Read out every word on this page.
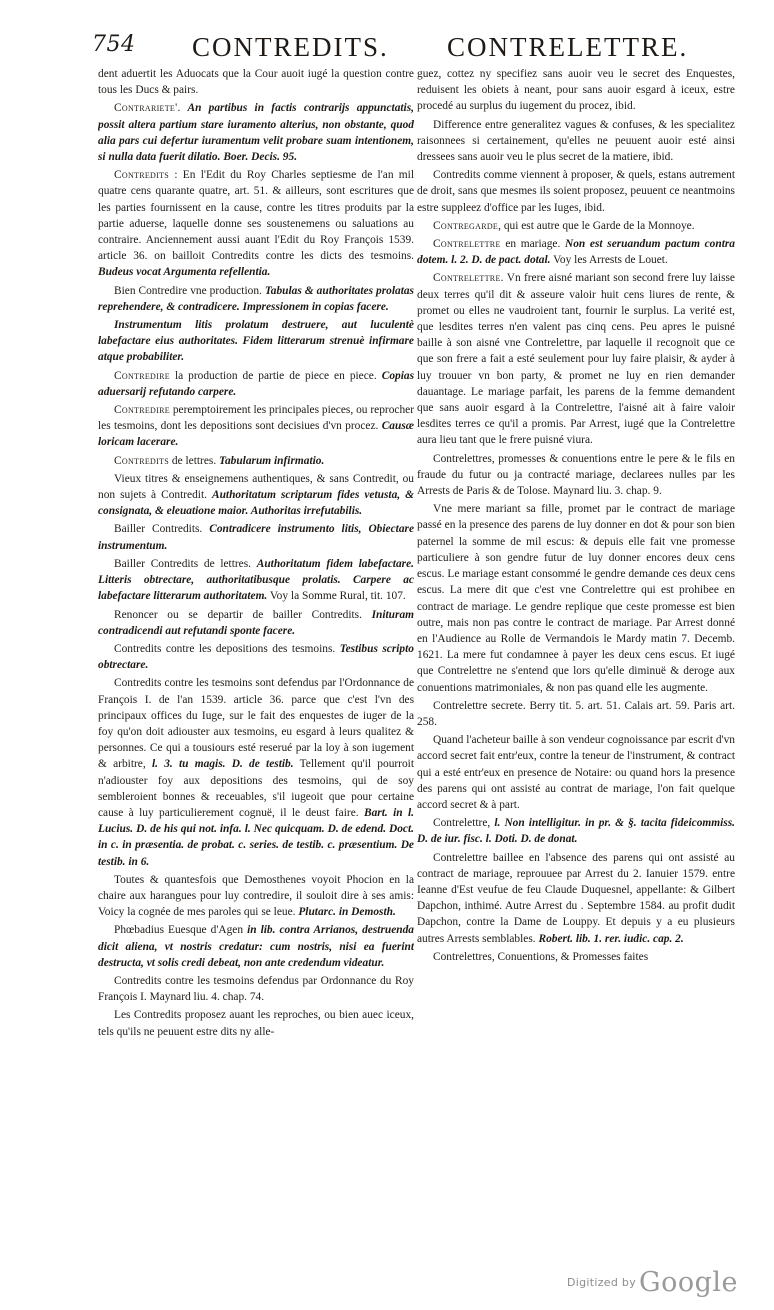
754 CONTREDITS. CONTRELETTRE.

dent aduertit les Aduocats que la Cour auoit iugé la question contre tous les Ducs & pairs.

Contrariete'. An partibus in factis contrarijs appunctatis, possit altera partium stare iuramento alterius, non obstante, quod alia pars cui defertur iuramentum velit probare suam intentionem, si nulla data fuerit dilatio. Boer. Decis. 95.

Contredits : En l'Edit du Roy Charles septiesme de l'an mil quatre cens quarante quatre, art. 51. & ailleurs, sont escritures que les parties fournissent en la cause, contre les titres produits par la partie aduerse, laquelle donne ses soustenemens ou saluations au contraire. Anciennement aussi auant l'Edit du Roy François 1539. article 36. on bailloit Contredits contre les dicts des tesmoins. Budeus vocat Argumenta refellentia.

Bien Contredire vne production. Tabulas & authoritates prolatas reprehendere, & contradicere. Impressionem in copias facere.

Instrumentum litis prolatum destruere, aut luculentè labefactare eius authoritates. Fidem litterarum strenuè infirmare atque probabiliter.

Contredire la production de partie de piece en piece. Copias aduersarij refutando carpere.

Contredire peremptoirement les principales pieces, ou reprocher les tesmoins, dont les depositions sont decisiues d'vn procez. Causæ loricam lacerare.

Contredits de lettres. Tabularum infirmatio.

Vieux titres & enseignemens authentiques, & sans Contredit, ou non sujets à Contredit. Authoritatum scriptarum fides vetusta, & consignata, & eleuatione maior. Authoritas irrefutabilis.

Bailler Contredits. Contradicere instrumento litis, Obiectare instrumentum.

Bailler Contredits de lettres. Authoritatum fidem labefactare. Litteris obtrectare, authoritatibusque prolatis. Carpere ac labefactare litterarum authoritatem. Voy la Somme Rural, tit. 107.

Renoncer ou se departir de bailler Contredits. Inituram contradicendi aut refutandi sponte facere.

Contredits contre les depositions des tesmoins. Testibus scripto obtrectare.

Contredits contre les tesmoins sont defendus par l'Ordonnance de François I. de l'an 1539. article 36. parce que c'est l'vn des principaux offices du Iuge, sur le fait des enquestes de iuger de la foy qu'on doit adiouster aux tesmoins, eu esgard à leurs qualitez & personnes. Ce qui a tousiours esté reserué par la loy à son iugement & arbitre, l. 3. tu magis. D. de testib. Tellement qu'il pourroit n'adiouster foy aux depositions des tesmoins, qui de soy sembleroient bonnes & receuables, s'il iugeoit que pour certaine cause à luy particulierement cognuë, il le deust faire. Bart. in l. Lucius. D. de his qui not. infa. l. Nec quicquam. D. de edend. Doct. in c. in præsentia. de probat. c. series. de testib. c. præsentium. De testib. in 6.

Toutes & quantesfois que Demosthenes voyoit Phocion en la chaire aux harangues pour luy contredire, il souloit dire à ses amis: Voicy la cognée de mes paroles qui se leue. Plutarc. in Demosth.

Phœbadius Euesque d'Agen in lib. contra Arrianos, destruenda dicit aliena, vt nostris credatur: cum nostris, nisi ea fuerint destructa, vt solis credi debeat, non ante credendum videatur.

Contredits contre les tesmoins defendus par Ordonnance du Roy François I. Maynard liu. 4. chap. 74.

Les Contredits proposez auant les reproches, ou bien auec iceux, tels qu'ils ne peuuent estre dits ny alle-

guez, cottez ny specifiez sans auoir veu le secret des Enquestes, reduisent les obiets à neant, pour sans auoir esgard à iceux, estre procedé au surplus du iugement du procez, ibid.

Difference entre generalitez vagues & confuses, & les specialitez raisonnees si certainement, qu'elles ne peuuent auoir esté ainsi dressees sans auoir veu le plus secret de la matiere, ibid.

Contredits comme viennent à proposer, & quels, estans autrement de droit, sans que mesmes ils soient proposez, peuuent ce neantmoins estre suppleez d'office par les Iuges, ibid.

Contregarde, qui est autre que le Garde de la Monnoye.

Contrelettre en mariage. Non est seruandum pactum contra dotem. l. 2. D. de pact. dotal. Voy les Arrests de Louet.

Contrelettre. Vn frere aisné mariant son second frere luy laisse deux terres qu'il dit & asseure valoir huit cens liures de rente, & promet ou elles ne vaudroient tant, fournir le surplus. La verité est, que lesdites terres n'en valent pas cinq cens. Peu apres le puisné baille à son aisné vne Contrelettre, par laquelle il recognoit que ce que son frere a fait a esté seulement pour luy faire plaisir, & ayder à luy trouuer vn bon party, & promet ne luy en rien demander dauantage. Le mariage parfait, les parens de la femme demandent que sans auoir esgard à la Contrelettre, l'aisné ait à faire valoir lesdites terres ce qu'il a promis. Par Arrest, iugé que la Contrelettre aura lieu tant que le frere puisné viura.

Contrelettres, promesses & conuentions entre le pere & le fils en fraude du futur ou ja contracté mariage, declarees nulles par les Arrests de Paris & de Tolose. Maynard liu. 3. chap. 9.

Vne mere mariant sa fille, promet par le contract de mariage passé en la presence des parens de luy donner en dot & pour son bien paternel la somme de mil escus: & depuis elle fait vne promesse particuliere à son gendre futur de luy donner encores deux cens escus. Le mariage estant consommé le gendre demande ces deux cens escus. La mere dit que c'est vne Contrelettre qui est prohibee en contract de mariage. Le gendre replique que ceste promesse est bien outre, mais non pas contre le contract de mariage. Par Arrest donné en l'Audience au Rolle de Vermandois le Mardy matin 7. Decemb. 1621. La mere fut condamnee à payer les deux cens escus. Et iugé que Contrelettre ne s'entend que lors qu'elle diminuë & deroge aux conuentions matrimoniales, & non pas quand elle les augmente.

Contrelettre secrete. Berry tit. 5. art. 51. Calais art. 59. Paris art. 258.

Quand l'acheteur baille à son vendeur cognoissance par escrit d'vn accord secret fait entr'eux, contre la teneur de l'instrument, & contract qui a esté entr'eux en presence de Notaire: ou quand hors la presence des parens qui ont assisté au contrat de mariage, l'on fait quelque accord secret & à part.

Contrelettre, l. Non intelligitur. in pr. & §. tacita fideicommiss. D. de iur. fisc. l. Doti. D. de donat.

Contrelettre baillee en l'absence des parens qui ont assisté au contract de mariage, reprouuee par Arrest du 2. Ianuier 1579. entre Ieanne d'Est veufue de feu Claude Duquesnel, appellante: & Gilbert Dapchon, inthimé. Autre Arrest du . Septembre 1584. au profit dudit Dapchon, contre la Dame de Louppy. Et depuis y a eu plusieurs autres Arrests semblables. Robert. lib. 1. rer. iudic. cap. 2.

Contrelettres, Conuentions, & Promesses faites

Digitized by Google
